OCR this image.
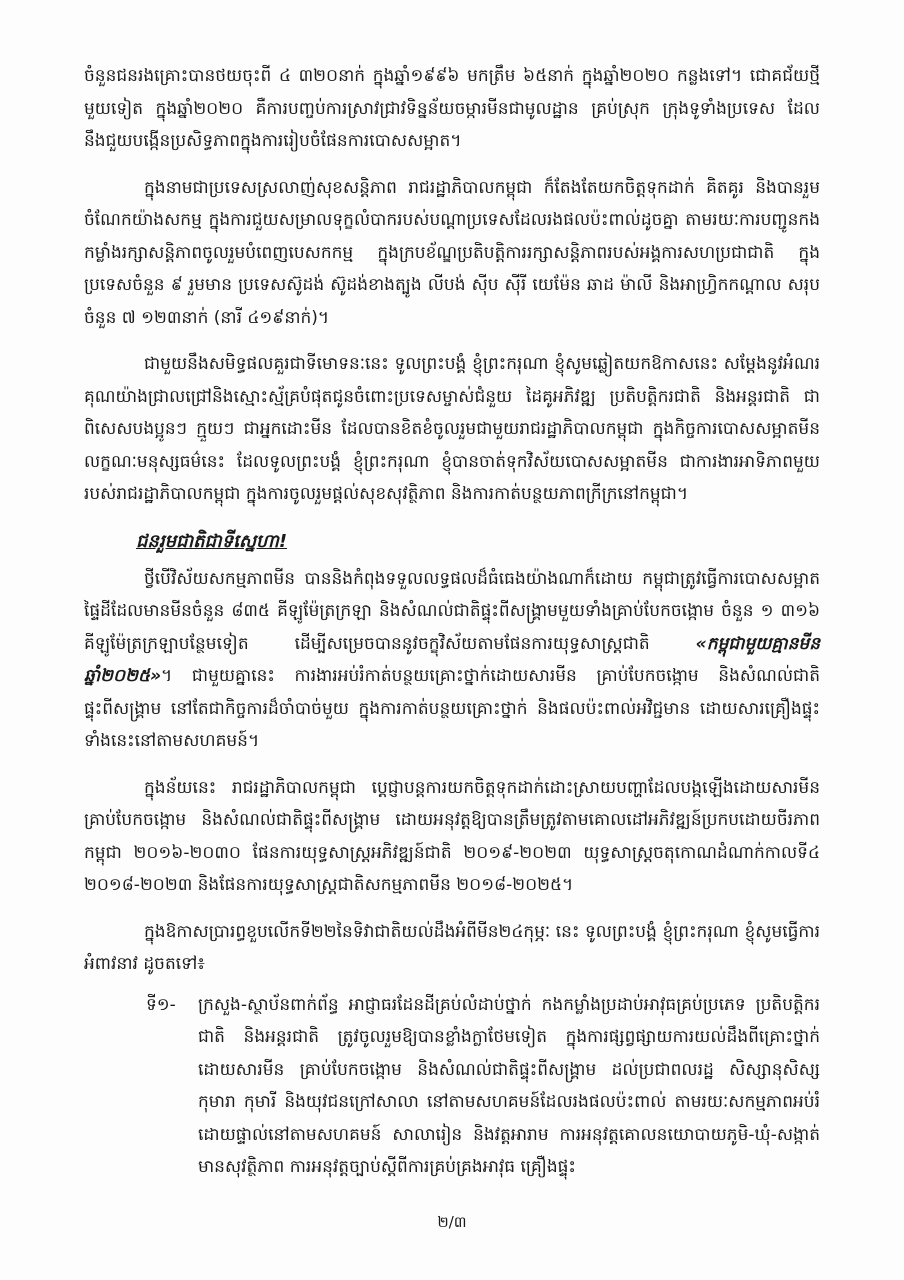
ចំនួនជនរងគ្រោះបានថយចុះពី ៤ ៣២០នាក់ ក្នុងឆ្នាំ១៩៩៦ មកត្រឹម ៦៥នាក់ ក្នុងឆ្នាំ២០២០ កន្លងទៅ។ ជោគជ័យថ្មីមួយទៀត ក្នុងឆ្នាំ២០២០ គឺការបញ្ចប់ការស្រាវជ្រាវទិន្នន័យចម្ការមីនជាមូលដ្ឋាន គ្រប់ស្រុក ក្រុងទូទាំងប្រទេស ដែលនឹងជួយបង្កើនប្រសិទ្ធភាពក្នុងការរៀបចំផែនការបោសសម្អាត។

ក្នុងនាមជាប្រទេសស្រលាញ់សុខសន្តិភាព រាជរដ្ឋាភិបាលកម្ពុជា ក៏តែងតែយកចិត្តទុកដាក់ គិតគូរ និងបានរួមចំណែកយ៉ាងសកម្ម ក្នុងការជួយសម្រាលទុក្ខលំបាករបស់បណ្តាប្រទេសដែលរងផលប៉ះពាល់ដូចគ្នា តាមរយៈការបញ្ជូនកងកម្លាំងរក្សាសន្តិភាពចូលរួមបំពេញបេសកកម្ម ក្នុងក្របខ័ណ្ឌប្រតិបត្តិការរក្សាសន្តិភាពរបស់អង្គការសហប្រជាជាតិ ក្នុងប្រទេសចំនួន ៩ រួមមាន ប្រទេសស៊ូដង់ ស៊ូដង់ខាងត្បូង លីបង់ ស៊ីប ស៊ីរី យេម៉ែន ឆាដ ម៉ាលី និងអាហ្វ្រិកកណ្តាល សរុបចំនួន ៧ ១២៣នាក់ (នារី ៤១៩នាក់)។

ជាមួយនឹងសមិទ្ធផលគួរជាទីមោទនៈនេះ ទូលព្រះបង្គំ ខ្ញុំព្រះករុណា ខ្ញុំសូមឆ្លៀតយកឱកាសនេះ សម្តែងនូវអំណរគុណយ៉ាងជ្រាលជ្រៅនិងស្មោះស្ម័គ្របំផុតជូនចំពោះប្រទេសម្ចាស់ជំនួយ ដៃគូអភិវឌ្ឍ ប្រតិបត្តិករជាតិ និងអន្តរជាតិ ជាពិសេសបងប្អូនៗ ក្មួយៗ ជាអ្នកដោះមីន ដែលបានខិតខំចូលរួមជាមួយរាជរដ្ឋាភិបាលកម្ពុជា ក្នុងកិច្ចការបោសសម្អាតមីនលក្ខណៈមនុស្សធម៌នេះ ដែលទូលព្រះបង្គំ ខ្ញុំព្រះករុណា ខ្ញុំបានចាត់ទុកវិស័យបោសសម្អាតមីន ជាការងារអាទិភាពមួយរបស់រាជរដ្ឋាភិបាលកម្ពុជា ក្នុងការចូលរួមផ្តល់សុខសុវត្ថិភាព និងការកាត់បន្ថយភាពក្រីក្រនៅកម្ពុជា។

ជនរួមជាតិជាទីស្នេហា!

ថ្វីបើវិស័យសកម្មភាពមីន បាននិងកំពុងទទួលលទ្ធផលដ៏ធំធេងយ៉ាងណាក៏ដោយ កម្ពុជាត្រូវធ្វើការបោសសម្អាតផ្ទៃដីដែលមានមីនចំនួន ៨៣៥ គីឡូម៉ែត្រក្រឡា និងសំណល់ជាតិផ្ទុះពីសង្គ្រាមមួយទាំងគ្រាប់បែកចង្កោម ចំនួន ១ ៣១៦ គីឡូម៉ែត្រក្រឡាបន្ថែមទៀត ដើម្បីសម្រេចបាននូវចក្ខុវិស័យតាមផែនការយុទ្ធសាស្ត្រជាតិ «កម្ពុជាមួយគ្មានមីនឆ្នាំ២០២៥»។ ជាមួយគ្នានេះ ការងារអប់រំកាត់បន្ថយគ្រោះថ្នាក់ដោយសារមីន គ្រាប់បែកចង្កោម និងសំណល់ជាតិផ្ទុះពីសង្គ្រាម នៅតែជាកិច្ចការដ៏ចាំបាច់មួយ ក្នុងការកាត់បន្ថយគ្រោះថ្នាក់ និងផលប៉ះពាល់អវិជ្ជមាន ដោយសារគ្រឿងផ្ទុះទាំងនេះនៅតាមសហគមន៍។

ក្នុងន័យនេះ រាជរដ្ឋាភិបាលកម្ពុជា ប្តេជ្ញាបន្តការយកចិត្តទុកដាក់ដោះស្រាយបញ្ហាដែលបង្កឡើងដោយសារមីន គ្រាប់បែកចង្កោម និងសំណល់ជាតិផ្ទុះពីសង្គ្រាម ដោយអនុវត្តឱ្យបានត្រឹមត្រូវតាមគោលដៅអភិវឌ្ឍន៍ប្រកបដោយចីរភាពកម្ពុជា ២០១៦-២០៣០ ផែនការយុទ្ធសាស្ត្រអភិវឌ្ឍន៍ជាតិ ២០១៩-២០២៣ យុទ្ធសាស្ត្រចតុកោណដំណាក់កាលទី៤ ២០១៨-២០២៣ និងផែនការយុទ្ធសាស្ត្រជាតិសកម្មភាពមីន ២០១៨-២០២៥។

ក្នុងឱកាសប្រារព្ធខួបលើកទី២២នៃទិវាជាតិយល់ដឹងអំពីមីន២៤កុម្ភៈ នេះ ទូលព្រះបង្គំ ខ្ញុំព្រះករុណា ខ្ញុំសូមធ្វើការអំពាវនាវ ដូចតទៅ៖

ទី១-	ក្រសួង-ស្ថាប័នពាក់ព័ន្ធ អាជ្ញាធរដែនដីគ្រប់លំដាប់ថ្នាក់ កងកម្លាំងប្រដាប់អាវុធគ្រប់ប្រភេទ ប្រតិបត្តិករជាតិ និងអន្តរជាតិ ត្រូវចូលរួមឱ្យបានខ្លាំងក្លាថែមទៀត ក្នុងការផ្សព្វផ្សាយការយល់ដឹងពីគ្រោះថ្នាក់ដោយសារមីន គ្រាប់បែកចង្កោម និងសំណល់ជាតិផ្ទុះពីសង្គ្រាម ដល់ប្រជាពលរដ្ឋ សិស្សានុសិស្ស កុមារា កុមារី និងយុវជនក្រៅសាលា នៅតាមសហគមន៍ដែលរងផលប៉ះពាល់ តាមរយៈសកម្មភាពអប់រំដោយផ្ទាល់នៅតាមសហគមន៍ សាលារៀន និងវត្តអារាម ការអនុវត្តគោលនយោបាយភូមិ-ឃុំ-សង្កាត់មានសុវត្ថិភាព ការអនុវត្តច្បាប់ស្តីពីការគ្រប់គ្រងអាវុធ គ្រឿងផ្ទុះ
២/៣
